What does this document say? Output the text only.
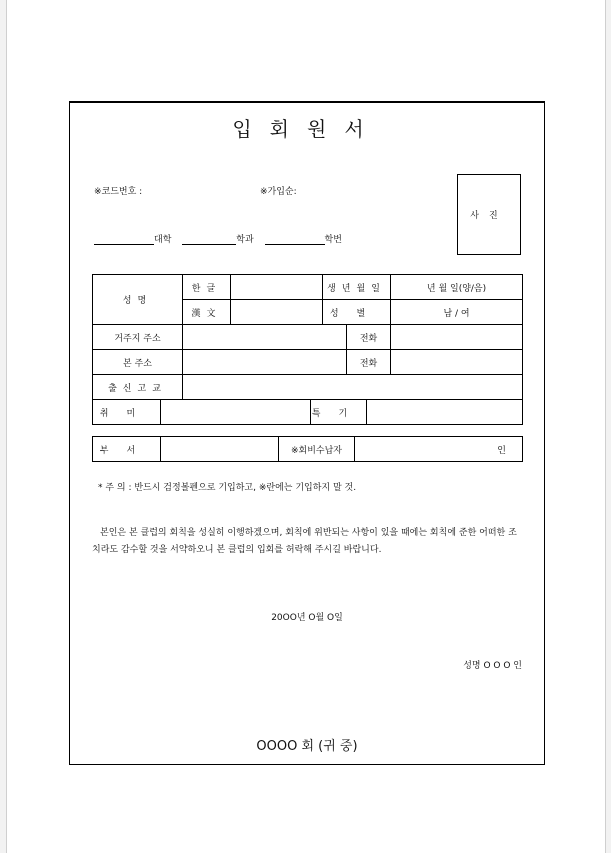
입회원서
※코드번호 :	※가입순:
사진
대학	학과	학번
성명	한글		생년월일		년 월 일(양/음)
	漢文		성별		남 / 여
거주지 주소				전화	
본 주소				전화	
출신고교					
취미		특기	
부서		※회비수납자	인
* 주 의 : 반드시 검정볼펜으로 기입하고, ※란에는 기입하지 말 것.
본인은 본 클럽의 회칙을 성실히 이행하겠으며, 회칙에 위반되는 사항이 있을 때에는 회칙에 준한 어떠한 조치라도 감수할 것을 서약하오니 본 클럽의 입회를 허락해 주시길 바랍니다.
20OO년 O월 O일
성명 O O O 인
OOOO 회 (귀 중)
